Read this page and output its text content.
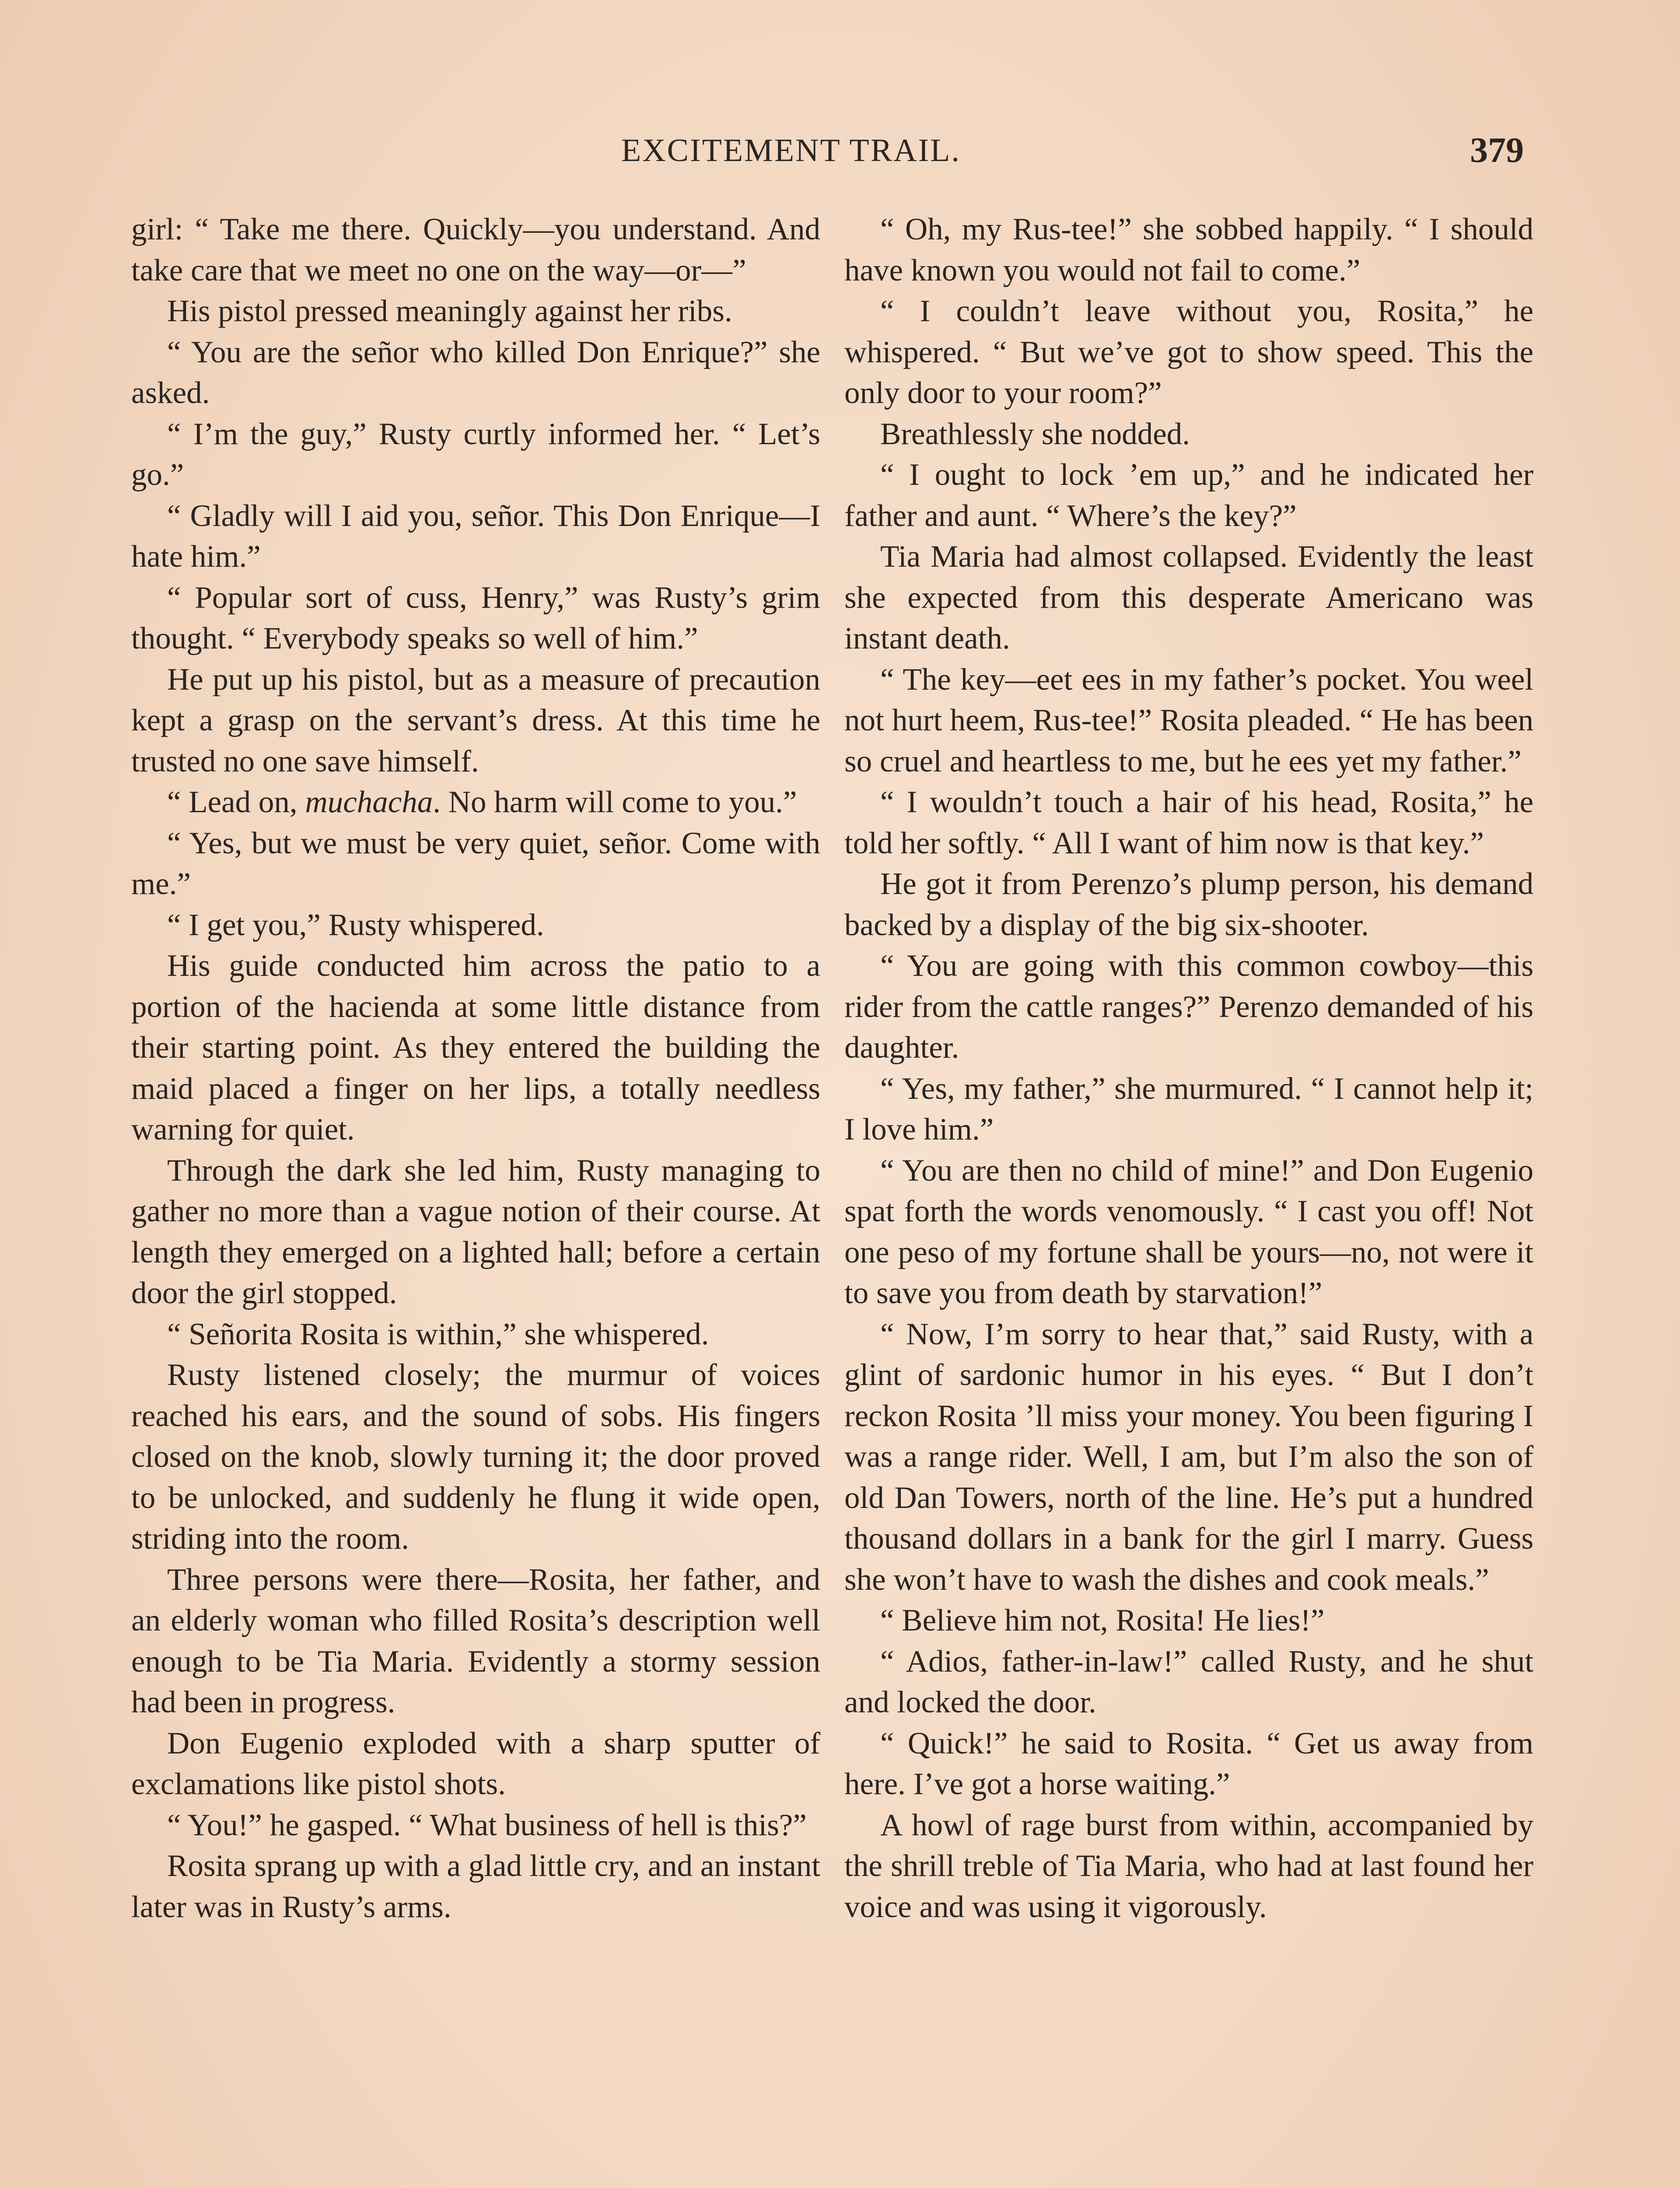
EXCITEMENT TRAIL.	379

girl: “ Take me there. Quickly—you understand. And take care that we meet no one on the way—or—”

His pistol pressed meaningly against her ribs.

“ You are the señor who killed Don Enrique?” she asked.

“ I’m the guy,” Rusty curtly informed her. “ Let’s go.”

“ Gladly will I aid you, señor. This Don Enrique—I hate him.”

“ Popular sort of cuss, Henry,” was Rusty’s grim thought. “ Everybody speaks so well of him.”

He put up his pistol, but as a measure of precaution kept a grasp on the servant’s dress. At this time he trusted no one save himself.

“ Lead on, muchacha. No harm will come to you.”

“ Yes, but we must be very quiet, señor. Come with me.”

“ I get you,” Rusty whispered.

His guide conducted him across the patio to a portion of the hacienda at some little distance from their starting point. As they entered the building the maid placed a finger on her lips, a totally needless warning for quiet.

Through the dark she led him, Rusty managing to gather no more than a vague notion of their course. At length they emerged on a lighted hall; before a certain door the girl stopped.

“ Señorita Rosita is within,” she whispered.

Rusty listened closely; the murmur of voices reached his ears, and the sound of sobs. His fingers closed on the knob, slowly turning it; the door proved to be unlocked, and suddenly he flung it wide open, striding into the room.

Three persons were there—Rosita, her father, and an elderly woman who filled Rosita’s description well enough to be Tia Maria. Evidently a stormy session had been in progress.

Don Eugenio exploded with a sharp sputter of exclamations like pistol shots.

“ You!” he gasped. “ What business of hell is this?”

Rosita sprang up with a glad little cry, and an instant later was in Rusty’s arms.

“ Oh, my Rus-tee!” she sobbed happily. “ I should have known you would not fail to come.”

“ I couldn’t leave without you, Rosita,” he whispered. “ But we’ve got to show speed. This the only door to your room?”

Breathlessly she nodded.

“ I ought to lock ’em up,” and he indicated her father and aunt. “ Where’s the key?”

Tia Maria had almost collapsed. Evidently the least she expected from this desperate Americano was instant death.

“ The key—eet ees in my father’s pocket. You weel not hurt heem, Rus-tee!” Rosita pleaded. “ He has been so cruel and heartless to me, but he ees yet my father.”

“ I wouldn’t touch a hair of his head, Rosita,” he told her softly. “ All I want of him now is that key.”

He got it from Perenzo’s plump person, his demand backed by a display of the big six-shooter.

“ You are going with this common cowboy—this rider from the cattle ranges?” Perenzo demanded of his daughter.

“ Yes, my father,” she murmured. “ I cannot help it; I love him.”

“ You are then no child of mine!” and Don Eugenio spat forth the words venomously. “ I cast you off! Not one peso of my fortune shall be yours—no, not were it to save you from death by starvation!”

“ Now, I’m sorry to hear that,” said Rusty, with a glint of sardonic humor in his eyes. “ But I don’t reckon Rosita ’ll miss your money. You been figuring I was a range rider. Well, I am, but I’m also the son of old Dan Towers, north of the line. He’s put a hundred thousand dollars in a bank for the girl I marry. Guess she won’t have to wash the dishes and cook meals.”

“ Believe him not, Rosita! He lies!”

“ Adios, father-in-law!” called Rusty, and he shut and locked the door.

“ Quick!” he said to Rosita. “ Get us away from here. I’ve got a horse waiting.”

A howl of rage burst from within, accompanied by the shrill treble of Tia Maria, who had at last found her voice and was using it vigorously.
